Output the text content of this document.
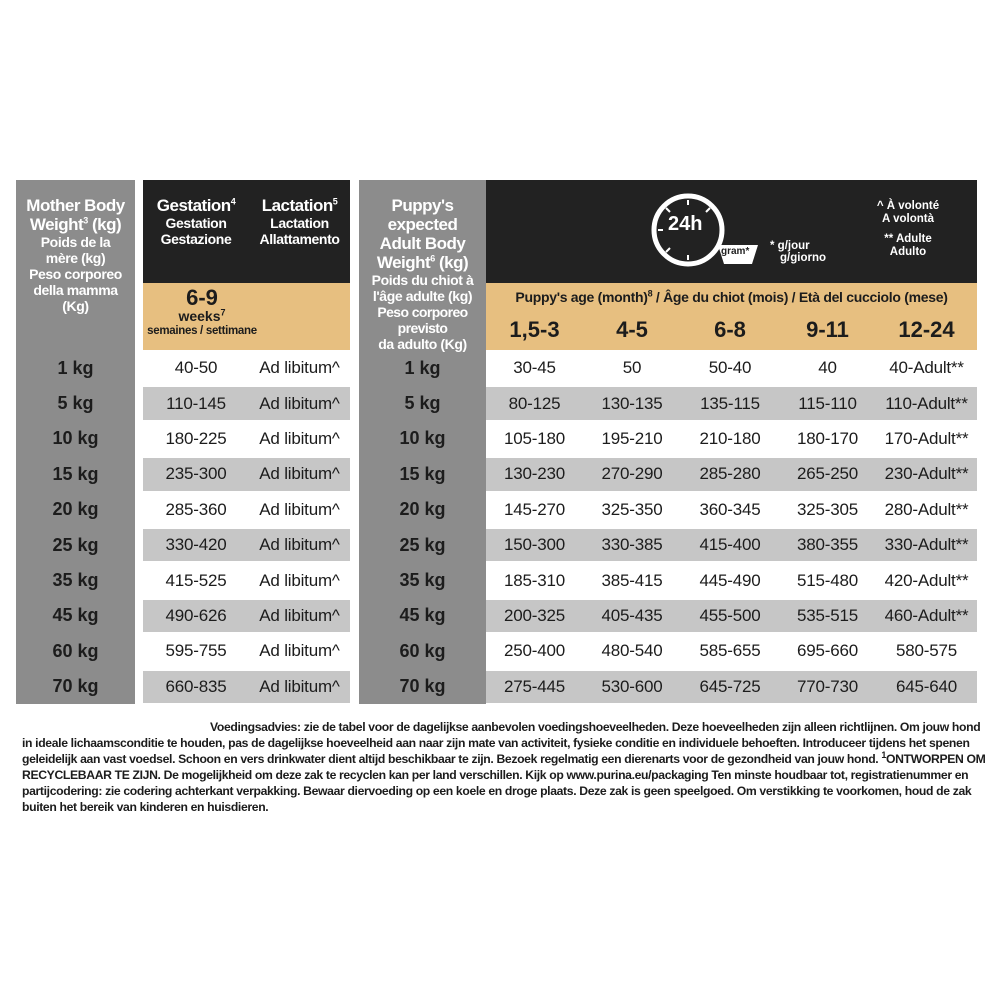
Mother Body
Weight$^3$ (kg)
Poids de la mère (kg)
Peso corporeo della mamma (Kg)
Gestation$^4$
Gestation
Gestazione
Lactation$^5$
Lactation
Allattamento
6-9
weeks$^7$
semaines / settimane
Puppy's expected
Adult Body
Weight$^6$ (kg)
Poids du chiot à
l'âge adulte (kg)
Peso corporeo previsto
da adulto (Kg)
24h
gram* * g/jour
g/giorno
^ À volonté
A volontà
** Adulte
Adulto
Puppy's age (month)$^8$ / Âge du chiot (mois) / Età del cucciolo (mese)
1,5-3	4-5	6-8	9-11	12-24
1 kg	40-50	Ad libitum^	1 kg	30-45	50	50-40	40	40-Adult**
5 kg	110-145	Ad libitum^	5 kg	80-125	130-135	135-115	115-110	110-Adult**
10 kg	180-225	Ad libitum^	10 kg	105-180	195-210	210-180	180-170	170-Adult**
15 kg	235-300	Ad libitum^	15 kg	130-230	270-290	285-280	265-250	230-Adult**
20 kg	285-360	Ad libitum^	20 kg	145-270	325-350	360-345	325-305	280-Adult**
25 kg	330-420	Ad libitum^	25 kg	150-300	330-385	415-400	380-355	330-Adult**
35 kg	415-525	Ad libitum^	35 kg	185-310	385-415	445-490	515-480	420-Adult**
45 kg	490-626	Ad libitum^	45 kg	200-325	405-435	455-500	535-515	460-Adult**
60 kg	595-755	Ad libitum^	60 kg	250-400	480-540	585-655	695-660	580-575
70 kg	660-835	Ad libitum^	70 kg	275-445	530-600	645-725	770-730	645-640

Voedingsadvies: zie de tabel voor de dagelijkse aanbevolen voedingshoeveelheden. Deze hoeveelheden zijn alleen richtlijnen. Om jouw hond in ideale lichaamsconditie te houden, pas de dagelijkse hoeveelheid aan naar zijn mate van activiteit, fysieke conditie en individuele behoeften. Introduceer tijdens het spenen geleidelijk aan vast voedsel. Schoon en vers drinkwater dient altijd beschikbaar te zijn. Bezoek regelmatig een dierenarts voor de gezondheid van jouw hond. $^1$ONTWORPEN OM RECYCLEBAAR TE ZIJN. De mogelijkheid om deze zak te recyclen kan per land verschillen. Kijk op www.purina.eu/packaging Ten minste houdbaar tot, registratienummer en partijcodering: zie codering achterkant verpakking. Bewaar diervoeding op een koele en droge plaats. Deze zak is geen speelgoed. Om verstikking te voorkomen, houd de zak buiten het bereik van kinderen en huisdieren.
